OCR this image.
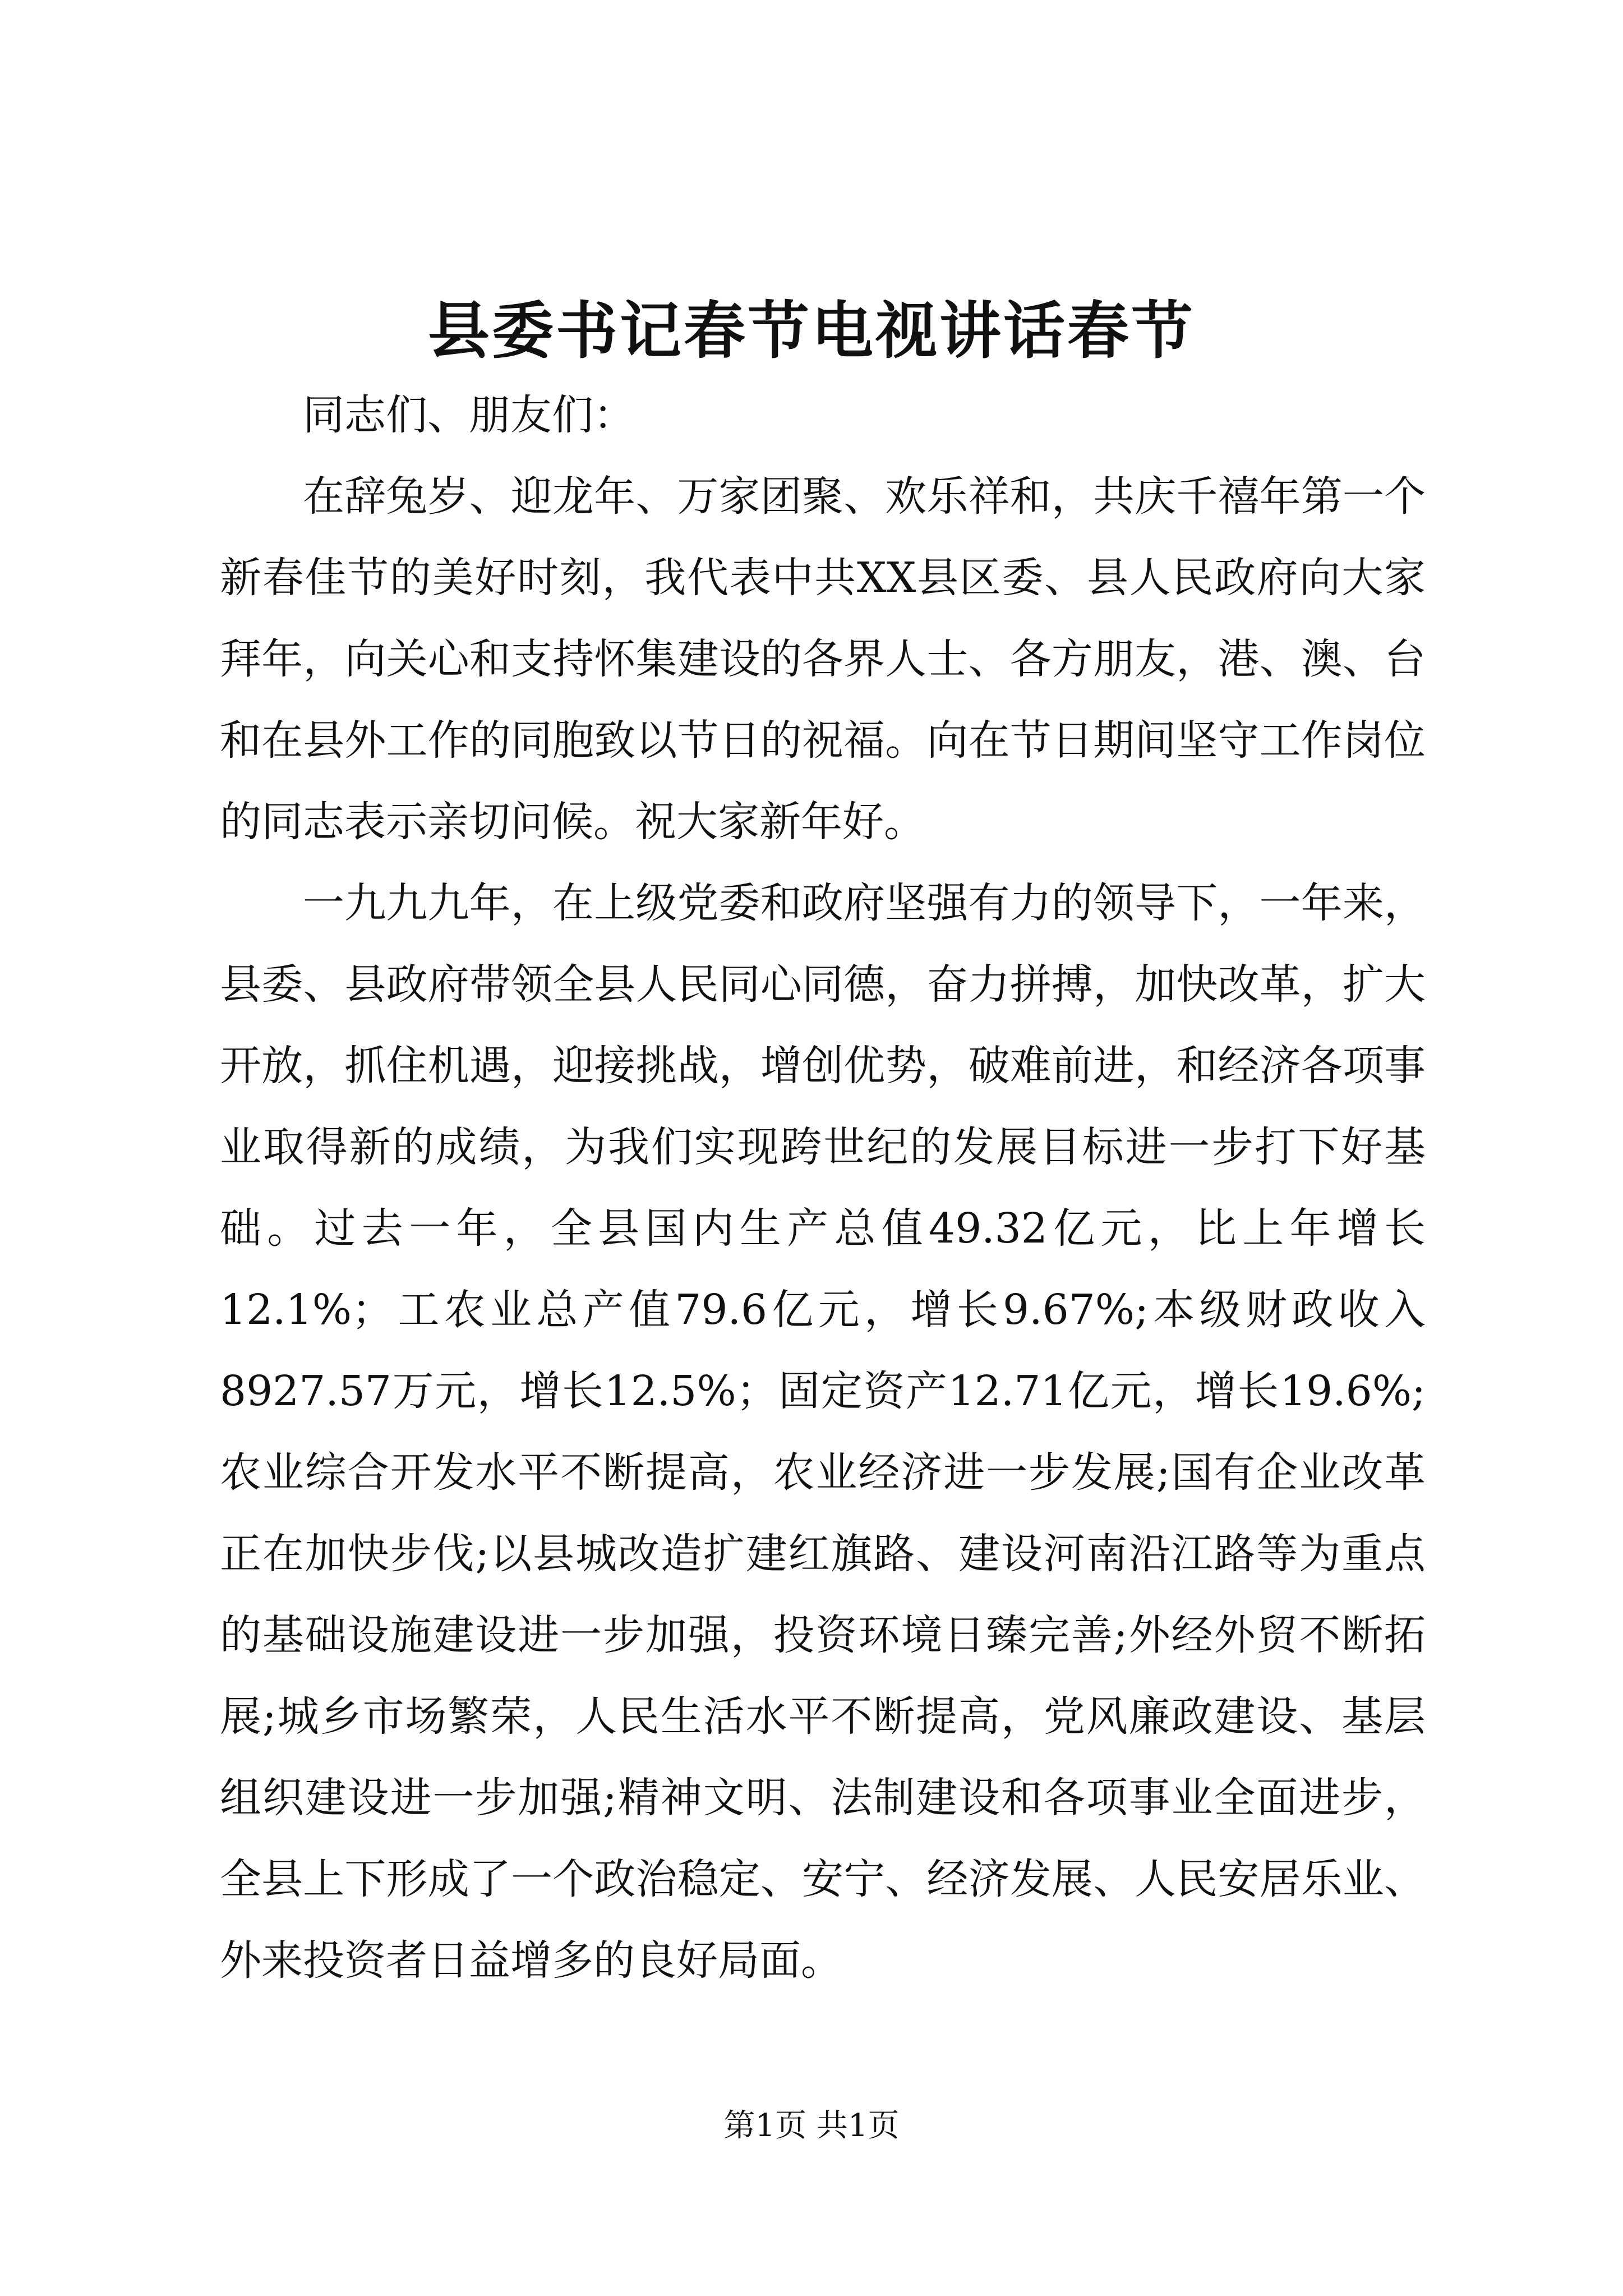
县委书记春节电视讲话春节

同志们、朋友们：

在辞兔岁、迎龙年、万家团聚、欢乐祥和，共庆千禧年第一个新春佳节的美好时刻，我代表中共XX县区委、县人民政府向大家拜年，向关心和支持怀集建设的各界人士、各方朋友，港、澳、台和在县外工作的同胞致以节日的祝福。向在节日期间坚守工作岗位的同志表示亲切问候。祝大家新年好。

一九九九年，在上级党委和政府坚强有力的领导下，一年来，县委、县政府带领全县人民同心同德，奋力拼搏，加快改革，扩大开放，抓住机遇，迎接挑战，增创优势，破难前进，和经济各项事业取得新的成绩，为我们实现跨世纪的发展目标进一步打下好基础。过去一年，全县国内生产总值49.32亿元，比上年增长12.1%；工农业总产值79.6亿元，增长9.67%;本级财政收入8927.57万元，增长12.5%；固定资产12.71亿元，增长19.6%;农业综合开发水平不断提高，农业经济进一步发展;国有企业改革正在加快步伐;以县城改造扩建红旗路、建设河南沿江路等为重点的基础设施建设进一步加强，投资环境日臻完善;外经外贸不断拓展;城乡市场繁荣，人民生活水平不断提高，党风廉政建设、基层组织建设进一步加强;精神文明、法制建设和各项事业全面进步，全县上下形成了一个政治稳定、安宁、经济发展、人民安居乐业、外来投资者日益增多的良好局面。

第1页 共1页
